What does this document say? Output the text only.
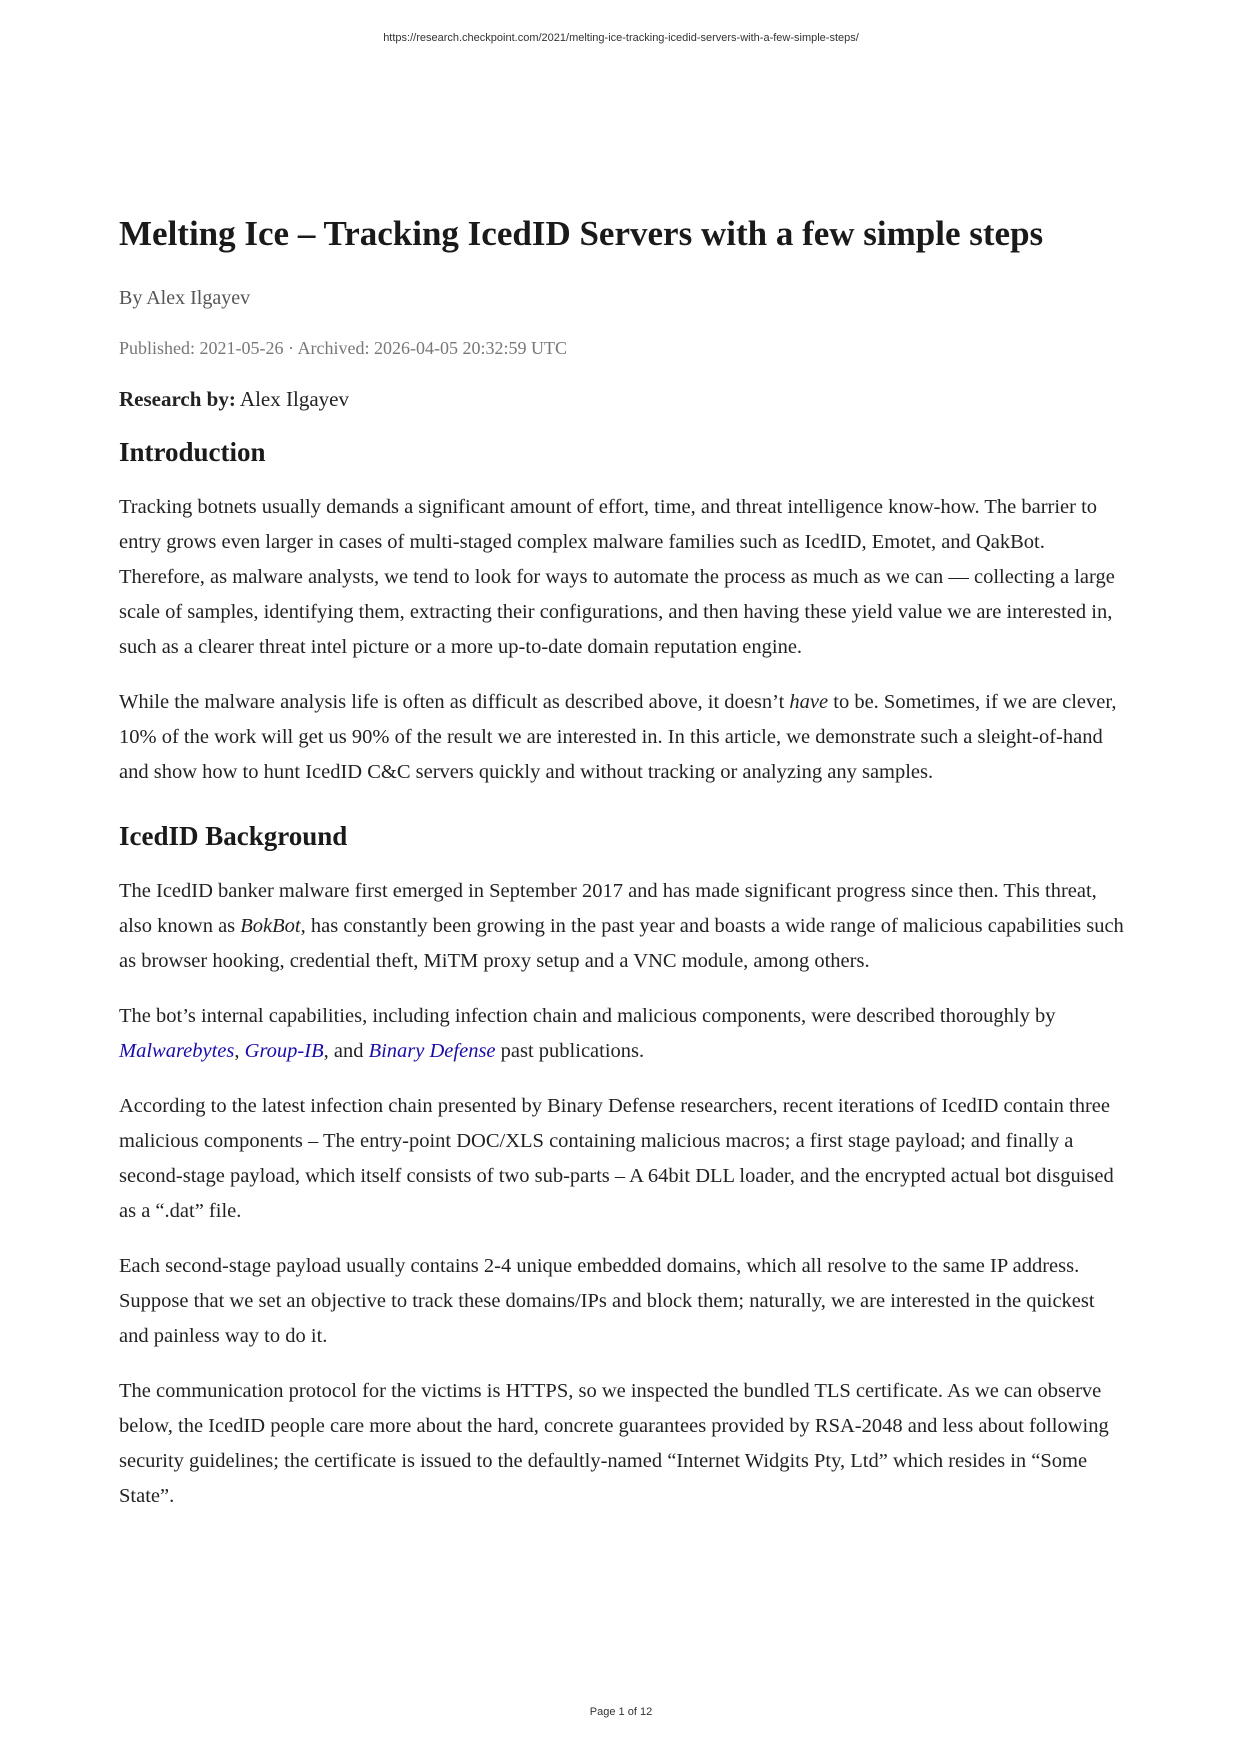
https://research.checkpoint.com/2021/melting-ice-tracking-icedid-servers-with-a-few-simple-steps/
Melting Ice – Tracking IcedID Servers with a few simple steps
By Alex Ilgayev
Published: 2021-05-26 · Archived: 2026-04-05 20:32:59 UTC
Research by: Alex Ilgayev
Introduction

Tracking botnets usually demands a significant amount of effort, time, and threat intelligence know-how. The barrier to entry grows even larger in cases of multi-staged complex malware families such as IcedID, Emotet, and QakBot. Therefore, as malware analysts, we tend to look for ways to automate the process as much as we can — collecting a large scale of samples, identifying them, extracting their configurations, and then having these yield value we are interested in, such as a clearer threat intel picture or a more up-to-date domain reputation engine.

While the malware analysis life is often as difficult as described above, it doesn’t have to be. Sometimes, if we are clever, 10% of the work will get us 90% of the result we are interested in. In this article, we demonstrate such a sleight-of-hand and show how to hunt IcedID C&C servers quickly and without tracking or analyzing any samples.

IcedID Background

The IcedID banker malware first emerged in September 2017 and has made significant progress since then. This threat, also known as BokBot, has constantly been growing in the past year and boasts a wide range of malicious capabilities such as browser hooking, credential theft, MiTM proxy setup and a VNC module, among others.

The bot’s internal capabilities, including infection chain and malicious components, were described thoroughly by Malwarebytes, Group-IB, and Binary Defense past publications.

According to the latest infection chain presented by Binary Defense researchers, recent iterations of IcedID contain three malicious components – The entry-point DOC/XLS containing malicious macros; a first stage payload; and finally a second-stage payload, which itself consists of two sub-parts – A 64bit DLL loader, and the encrypted actual bot disguised as a “.dat” file.

Each second-stage payload usually contains 2-4 unique embedded domains, which all resolve to the same IP address. Suppose that we set an objective to track these domains/IPs and block them; naturally, we are interested in the quickest and painless way to do it.

The communication protocol for the victims is HTTPS, so we inspected the bundled TLS certificate. As we can observe below, the IcedID people care more about the hard, concrete guarantees provided by RSA-2048 and less about following security guidelines; the certificate is issued to the defaultly-named “Internet Widgits Pty, Ltd” which resides in “Some State”.

Page 1 of 12
